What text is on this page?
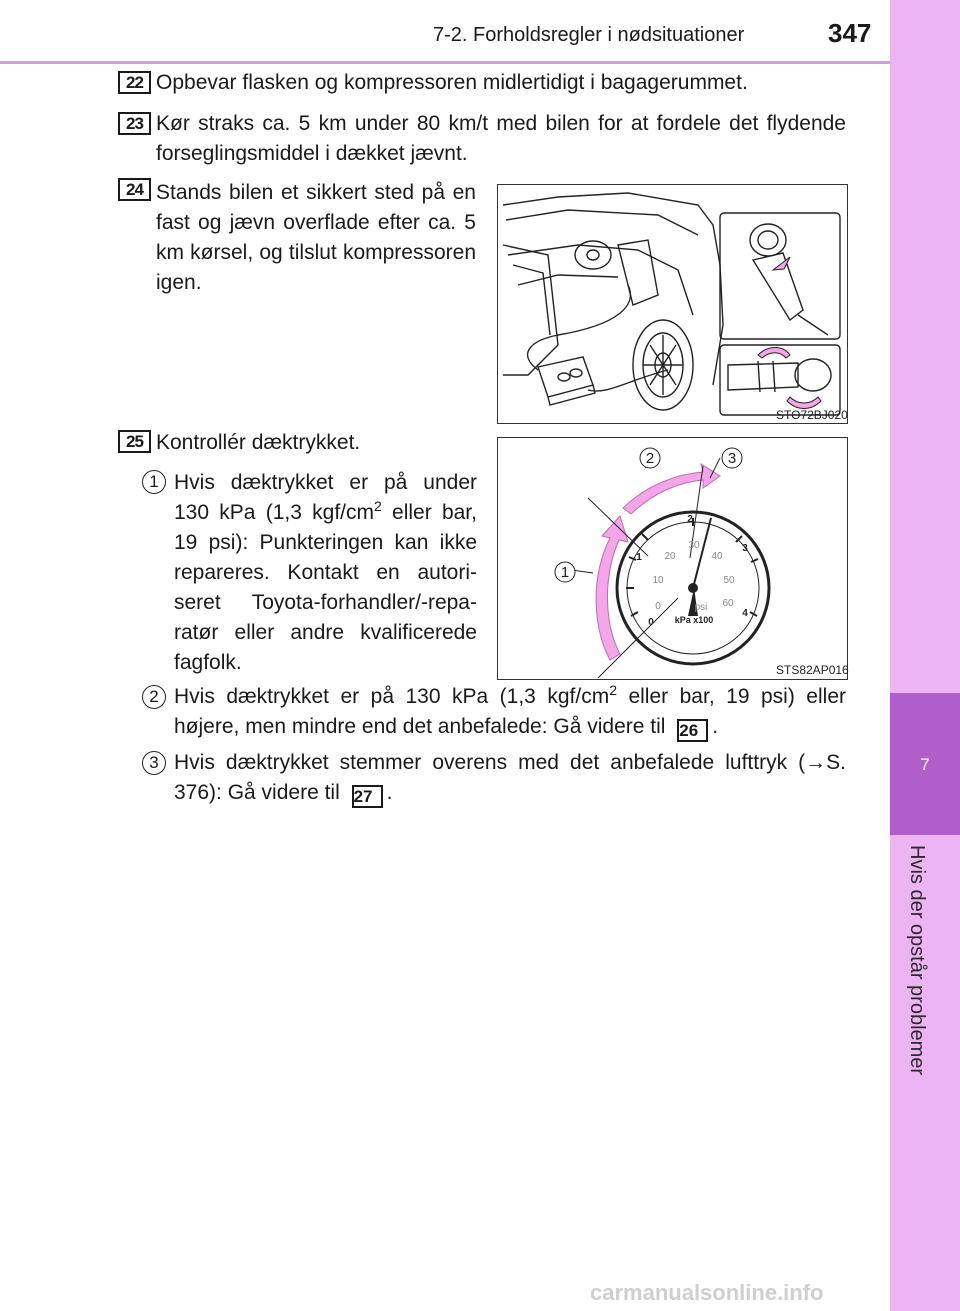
7-2. Forholdsregler i nødsituationer	347
7
Hvis der opstår problemer
22 Opbevar flasken og kompressoren midlertidigt i bagagerummet.
23 Kør straks ca. 5 km under 80 km/t med bilen for at fordele det flydende forseglingsmiddel i dækket jævnt.
24 Stands bilen et sikkert sted på en fast og jævn overflade efter ca. 5 km kørsel, og tilslut kompressoren igen.
STO72BJ020
25 Kontrollér dæktrykket.
1 Hvis dæktrykket er på under 130 kPa (1,3 kgf/$cm^2$ eller bar, 19 psi): Punkteringen kan ikke repareres. Kontakt en autoriseret Toyota-forhandler/-reparatør eller andre kvalificerede fagfolk.
0
10
20
30
40
50
60
psi
0
1
2
3
4
kPa x100
1
2	3
STS82AP016
2 Hvis dæktrykket er på 130 kPa (1,3 kgf/$cm^2$ eller bar, 19 psi) eller højere, men mindre end det anbefalede: Gå videre til 26 .
3 Hvis dæktrykket stemmer overens med det anbefalede lufttryk (→S. 376): Gå videre til 27 .
carmanualsonline.info
